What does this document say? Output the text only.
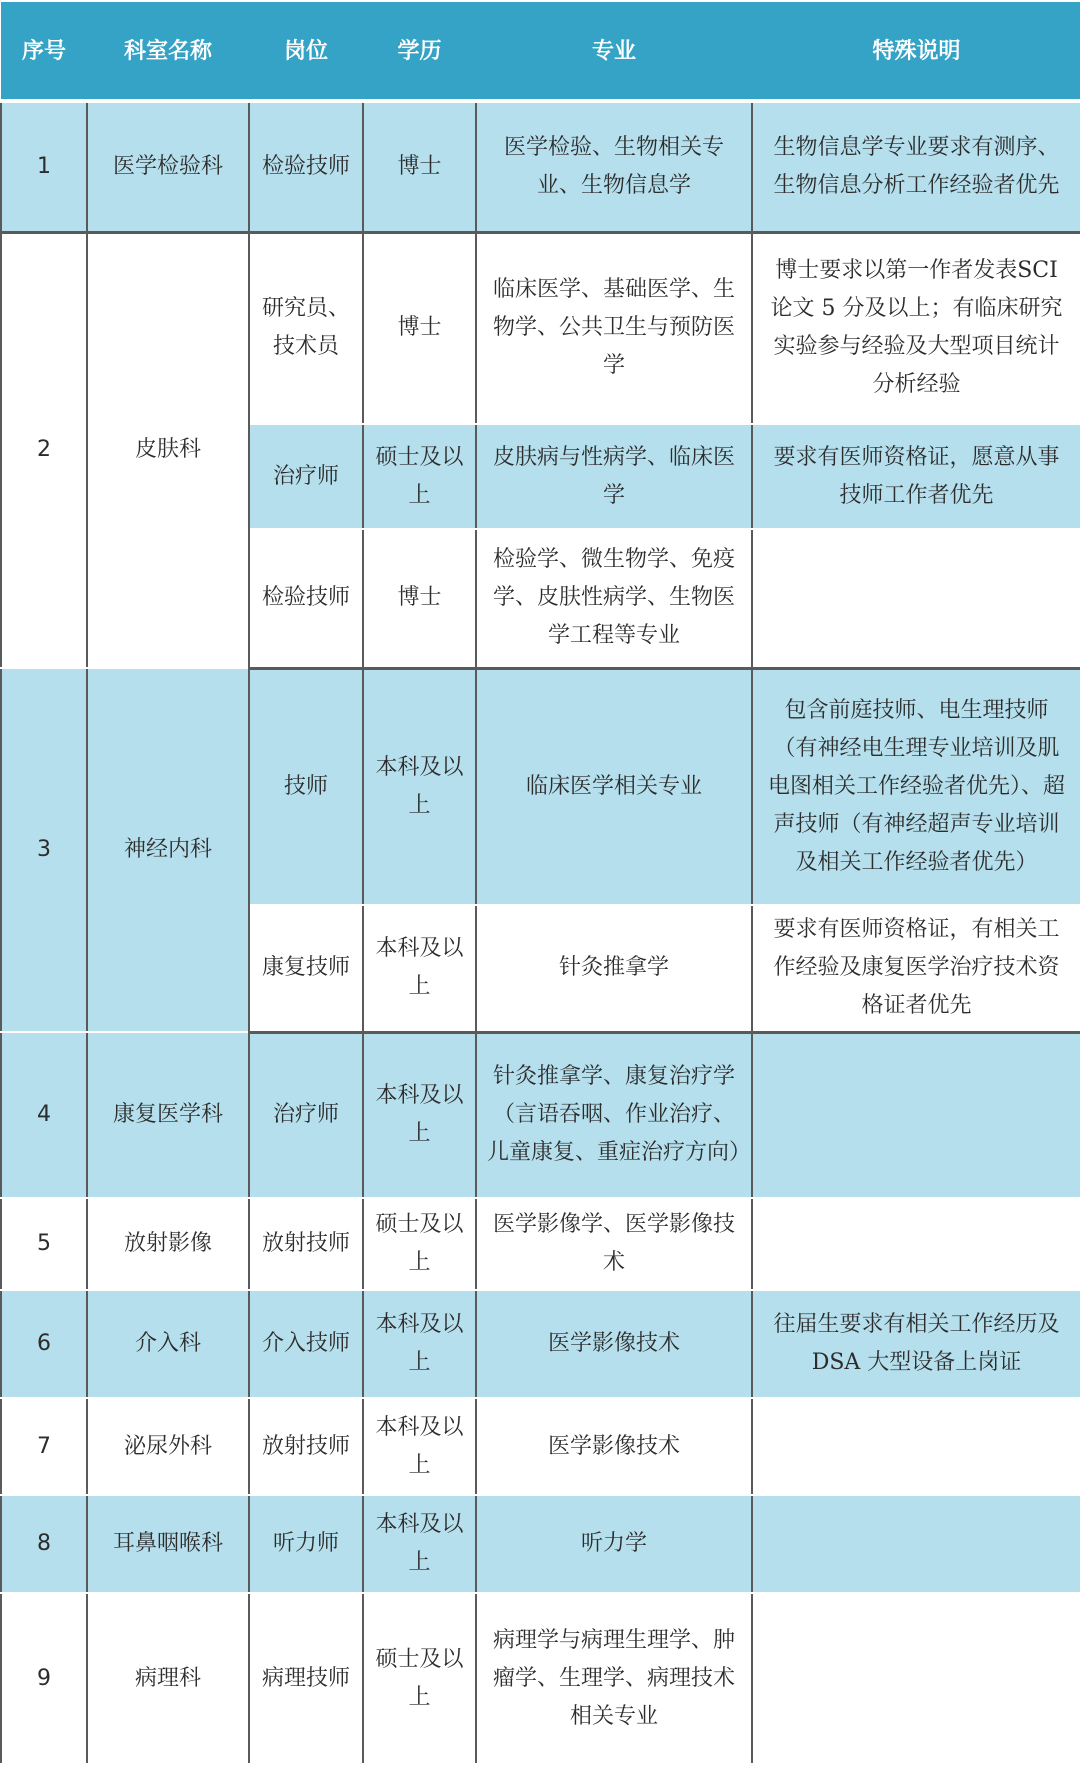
序号	科室名称	岗位	学历	专业	特殊说明
1	医学检验科	检验技师	博士	医学检验、生物相关专业、生物信息学	生物信息学专业要求有测序、生物信息分析工作经验者优先
2	皮肤科	研究员、技术员	博士	临床医学、基础医学、生物学、公共卫生与预防医学	博士要求以第一作者发表SCI 论文 5 分及以上；有临床研究实验参与经验及大型项目统计分析经验
		治疗师	硕士及以上	皮肤病与性病学、临床医学	要求有医师资格证，愿意从事技师工作者优先
		检验技师	博士	检验学、微生物学、免疫学、皮肤性病学、生物医学工程等专业	
3	神经内科	技师	本科及以上	临床医学相关专业	包含前庭技师、电生理技师（有神经电生理专业培训及肌电图相关工作经验者优先）、超声技师（有神经超声专业培训及相关工作经验者优先）
		康复技师	本科及以上	针灸推拿学	要求有医师资格证，有相关工作经验及康复医学治疗技术资格证者优先
4	康复医学科	治疗师	本科及以上	针灸推拿学、康复治疗学（言语吞咽、作业治疗、儿童康复、重症治疗方向）	
5	放射影像	放射技师	硕士及以上	医学影像学、医学影像技术	
6	介入科	介入技师	本科及以上	医学影像技术	往届生要求有相关工作经历及 DSA 大型设备上岗证
7	泌尿外科	放射技师	本科及以上	医学影像技术	
8	耳鼻咽喉科	听力师	本科及以上	听力学	
9	病理科	病理技师	硕士及以上	病理学与病理生理学、肿瘤学、生理学、病理技术相关专业	
